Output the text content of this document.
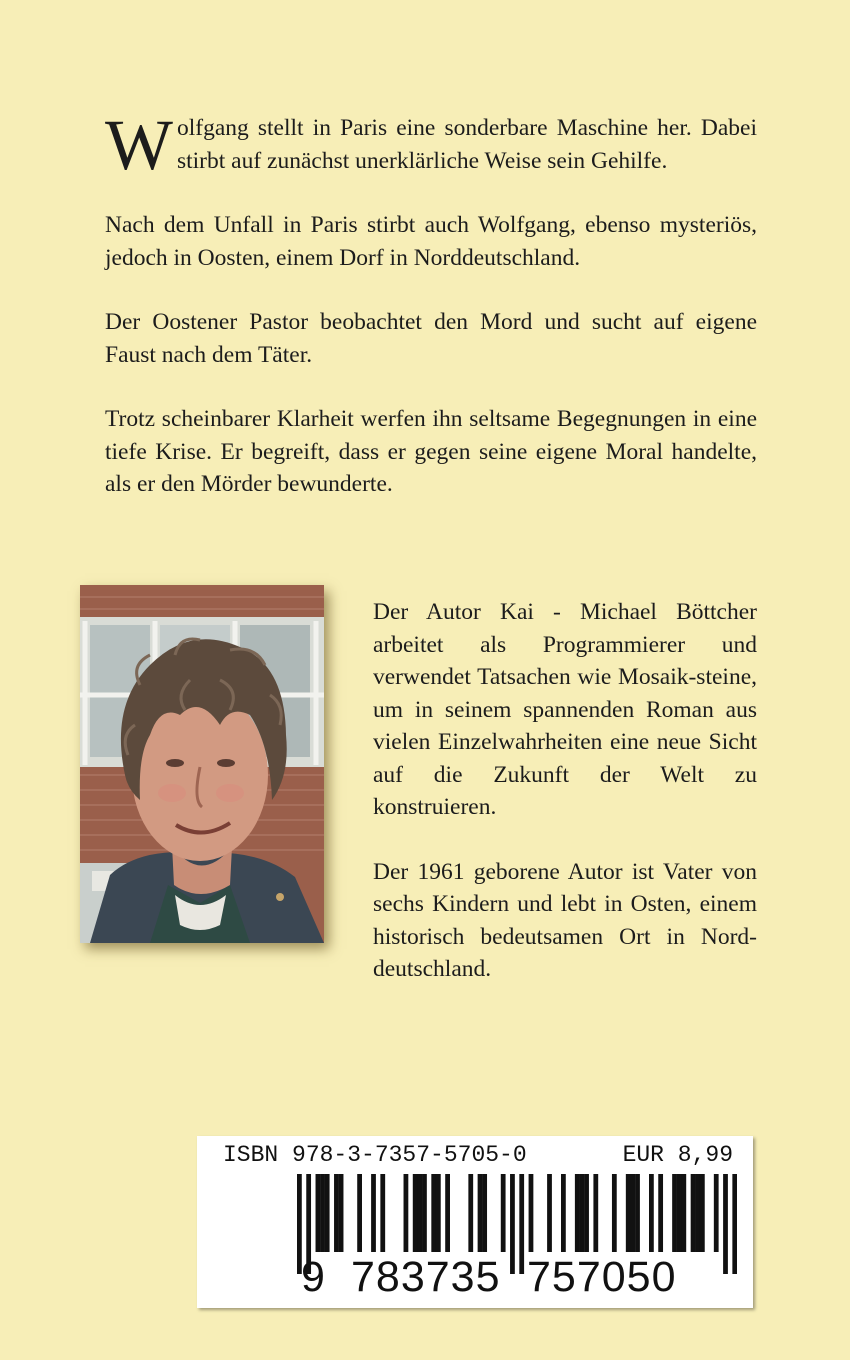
Wolfgang stellt in Paris eine sonderbare Maschine her. Dabei stirbt auf zunächst unerklärliche Weise sein Gehilfe.

Nach dem Unfall in Paris stirbt auch Wolfgang, ebenso mysteriös, jedoch in Oosten, einem Dorf in Norddeutschland.

Der Oostener Pastor beobachtet den Mord und sucht auf eigene Faust nach dem Täter.

Trotz scheinbarer Klarheit werfen ihn seltsame Begegnungen in eine tiefe Krise. Er begreift, dass er gegen seine eigene Moral handelte, als er den Mörder bewunderte.

Der Autor Kai - Michael Böttcher arbeitet als Programmierer und verwendet Tatsachen wie Mosaik-steine, um in seinem spannenden Roman aus vielen Einzelwahrheiten eine neue Sicht auf die Zukunft der Welt zu konstruieren.

Der 1961 geborene Autor ist Vater von sechs Kindern und lebt in Osten, einem historisch bedeutsamen Ort in Nord-deutschland.

ISBN 978-3-7357-5705-0	EUR 8,99
9 783735 757050
